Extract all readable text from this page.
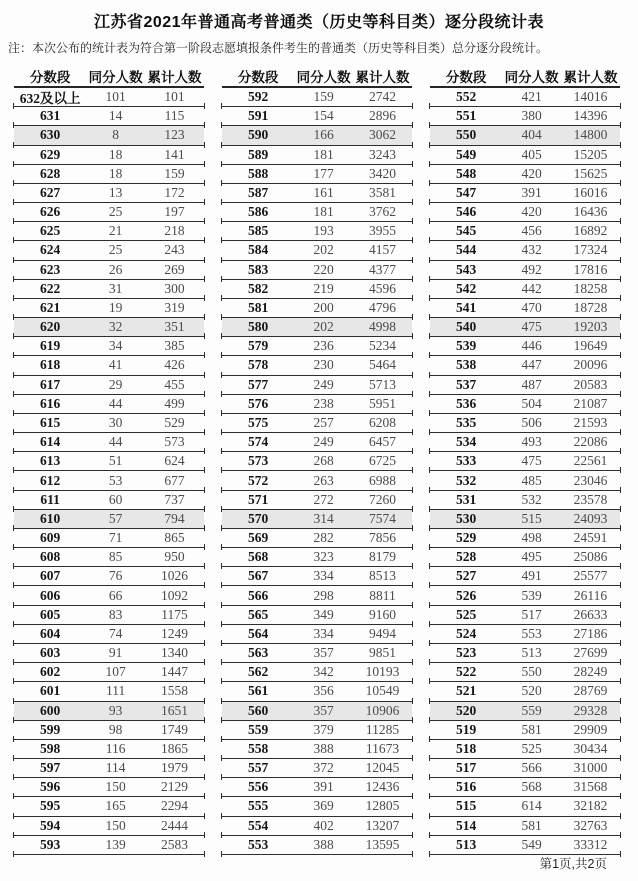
江苏省2021年普通高考普通类（历史等科目类）逐分段统计表
注：本次公布的统计表为符合第一阶段志愿填报条件考生的普通类（历史等科目类）总分逐分段统计。
分数段	同分人数 累计人数
632及以上	101	101
631	14	115
630	8	123
629	18	141
628	18	159
627	13	172
626	25	197
625	21	218
624	25	243
623	26	269
622	31	300
621	19	319
620	32	351
619	34	385
618	41	426
617	29	455
616	44	499
615	30	529
614	44	573
613	51	624
612	53	677
611	60	737
610	57	794
609	71	865
608	85	950
607	76	1026
606	66	1092
605	83	1175
604	74	1249
603	91	1340
602	107	1447
601	111	1558
600	93	1651
599	98	1749
598	116	1865
597	114	1979
596	150	2129
595	165	2294
594	150	2444
593	139	2583
分数段	同分人数 累计人数
592	159	2742
591	154	2896
590	166	3062
589	181	3243
588	177	3420
587	161	3581
586	181	3762
585	193	3955
584	202	4157
583	220	4377
582	219	4596
581	200	4796
580	202	4998
579	236	5234
578	230	5464
577	249	5713
576	238	5951
575	257	6208
574	249	6457
573	268	6725
572	263	6988
571	272	7260
570	314	7574
569	282	7856
568	323	8179
567	334	8513
566	298	8811
565	349	9160
564	334	9494
563	357	9851
562	342	10193
561	356	10549
560	357	10906
559	379	11285
558	388	11673
557	372	12045
556	391	12436
555	369	12805
554	402	13207
553	388	13595
分数段	同分人数 累计人数
552	421	14016
551	380	14396
550	404	14800
549	405	15205
548	420	15625
547	391	16016
546	420	16436
545	456	16892
544	432	17324
543	492	17816
542	442	18258
541	470	18728
540	475	19203
539	446	19649
538	447	20096
537	487	20583
536	504	21087
535	506	21593
534	493	22086
533	475	22561
532	485	23046
531	532	23578
530	515	24093
529	498	24591
528	495	25086
527	491	25577
526	539	26116
525	517	26633
524	553	27186
523	513	27699
522	550	28249
521	520	28769
520	559	29328
519	581	29909
518	525	30434
517	566	31000
516	568	31568
515	614	32182
514	581	32763
513	549	33312
第1页,共2页
